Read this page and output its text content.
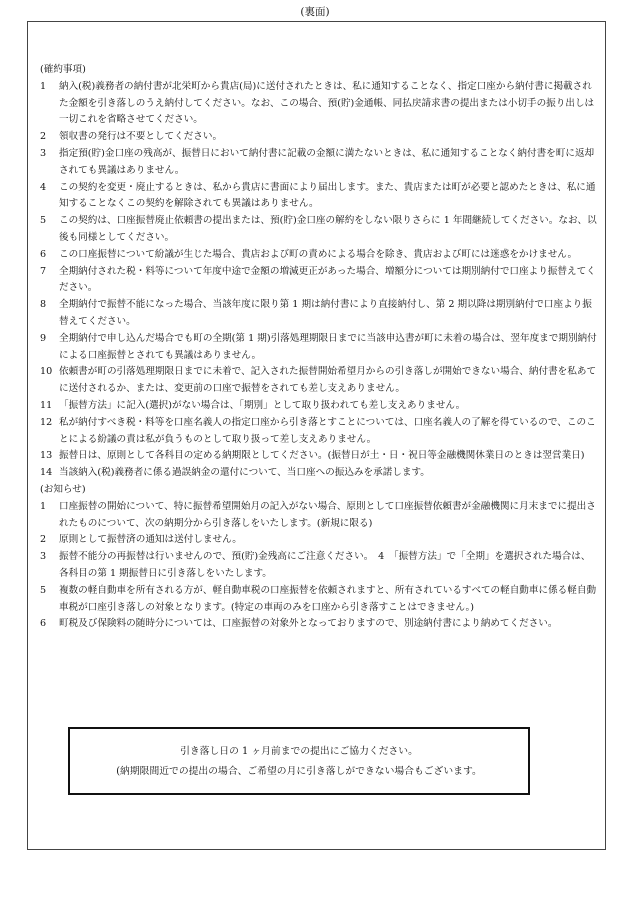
(裏面)

(確約事項)

1	納入(税)義務者の納付書が北栄町から貴店(局)に送付されたときは、私に通知することなく、指定口座から納付書に掲載された金額を引き落しのうえ納付してください。なお、この場合、預(貯)金通帳、同払戻請求書の提出または小切手の振り出しは一切これを省略させてください。
2	領収書の発行は不要としてください。
3	指定預(貯)金口座の残高が、振替日において納付書に記載の金額に満たないときは、私に通知することなく納付書を町に返却されても異議はありません。
4	この契約を変更・廃止するときは、私から貴店に書面により届出します。また、貴店または町が必要と認めたときは、私に通知することなくこの契約を解除されても異議はありません。
5	この契約は、口座振替廃止依頼書の提出または、預(貯)金口座の解約をしない限りさらに 1 年間継続してください。なお、以後も同様としてください。
6	この口座振替について紛議が生じた場合、貴店および町の責めによる場合を除き、貴店および町には迷惑をかけません。
7	全期納付された税・料等について年度中途で金額の増減更正があった場合、増額分については期別納付で口座より振替えてください。
8	全期納付で振替不能になった場合、当該年度に限り第 1 期は納付書により直接納付し、第 2 期以降は期別納付で口座より振替えてください。
9	全期納付で申し込んだ場合でも町の全期(第 1 期)引落処理期限日までに当該申込書が町に未着の場合は、翌年度まで期別納付による口座振替とされても異議はありません。
10 依頼書が町の引落処理期限日までに未着で、記入された振替開始希望月からの引き落しが開始できない場合、納付書を私あてに送付されるか、または、変更前の口座で振替をされても差し支えありません。
11 「振替方法」に記入(選択)がない場合は、「期別」として取り扱われても差し支えありません。
12 私が納付すべき税・料等を口座名義人の指定口座から引き落とすことについては、口座名義人の了解を得ているので、このことによる紛議の責は私が負うものとして取り扱って差し支えありません。
13 振替日は、原則として各科目の定める納期限としてください。(振替日が土・日・祝日等金融機関休業日のときは翌営業日)
14 当該納入(税)義務者に係る過誤納金の還付について、当口座への振込みを承諾します。

(お知らせ)

1	口座振替の開始について、特に振替希望開始月の記入がない場合、原則として口座振替依頼書が金融機関に月末までに提出されたものについて、次の納期分から引き落しをいたします。(新規に限る)
2	原則として振替済の通知は送付しません。
3	振替不能分の再振替は行いませんので、預(貯)金残高にご注意ください。　4　「振替方法」で「全期」を選択された場合は、各科目の第 1 期振替日に引き落しをいたします。
5	複数の軽自動車を所有される方が、軽自動車税の口座振替を依頼されますと、所有されているすべての軽自動車に係る軽自動車税が口座引き落しの対象となります。(特定の車両のみを口座から引き落すことはできません。)
6	町税及び保険料の随時分については、口座振替の対象外となっておりますので、別途納付書により納めてください。
引き落し日の 1 ヶ月前までの提出にご協力ください。
(納期限間近での提出の場合、ご希望の月に引き落しができない場合もございます。
